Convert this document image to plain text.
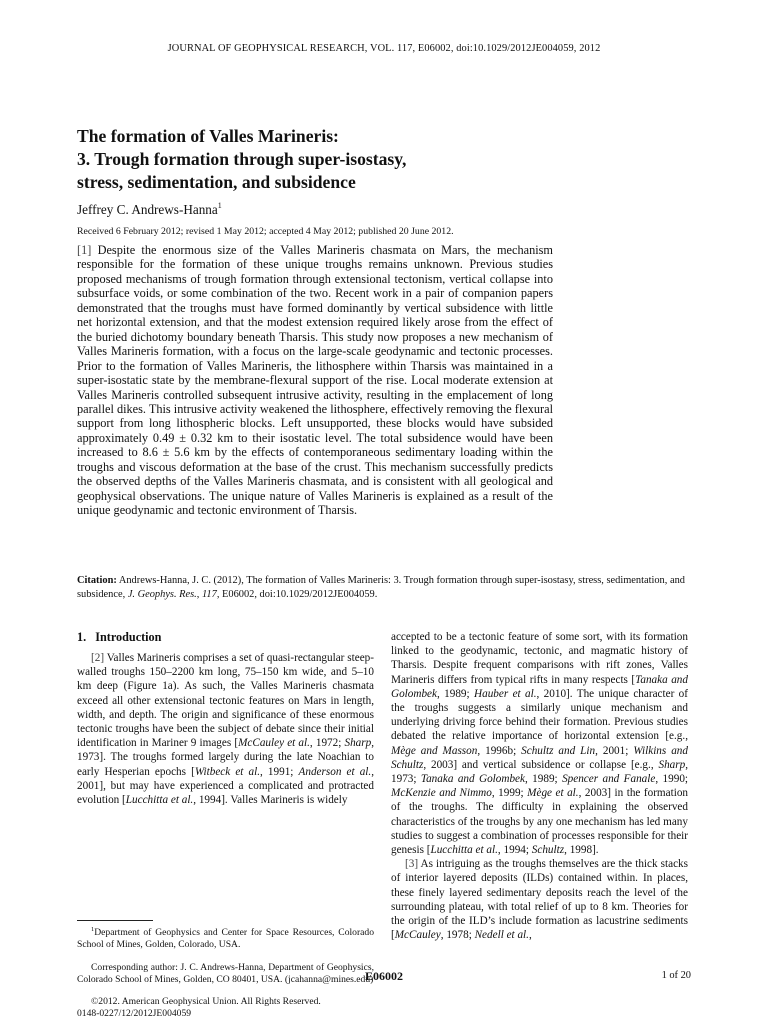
JOURNAL OF GEOPHYSICAL RESEARCH, VOL. 117, E06002, doi:10.1029/2012JE004059, 2012
The formation of Valles Marineris:
3. Trough formation through super-isostasy,
stress, sedimentation, and subsidence
Jeffrey C. Andrews-Hanna$^1$
Received 6 February 2012; revised 1 May 2012; accepted 4 May 2012; published 20 June 2012.
[1] Despite the enormous size of the Valles Marineris chasmata on Mars, the mechanism responsible for the formation of these unique troughs remains unknown. Previous studies proposed mechanisms of trough formation through extensional tectonism, vertical collapse into subsurface voids, or some combination of the two. Recent work in a pair of companion papers demonstrated that the troughs must have formed dominantly by vertical subsidence with little net horizontal extension, and that the modest extension required likely arose from the effect of the buried dichotomy boundary beneath Tharsis. This study now proposes a new mechanism of Valles Marineris formation, with a focus on the large-scale geodynamic and tectonic processes. Prior to the formation of Valles Marineris, the lithosphere within Tharsis was maintained in a super-isostatic state by the membrane-flexural support of the rise. Local moderate extension at Valles Marineris controlled subsequent intrusive activity, resulting in the emplacement of long parallel dikes. This intrusive activity weakened the lithosphere, effectively removing the flexural support from long lithospheric blocks. Left unsupported, these blocks would have subsided approximately 0.49 ± 0.32 km to their isostatic level. The total subsidence would have been increased to 8.6 ± 5.6 km by the effects of contemporaneous sedimentary loading within the troughs and viscous deformation at the base of the crust. This mechanism successfully predicts the observed depths of the Valles Marineris chasmata, and is consistent with all geological and geophysical observations. The unique nature of Valles Marineris is explained as a result of the unique geodynamic and tectonic environment of Tharsis.
Citation: Andrews-Hanna, J. C. (2012), The formation of Valles Marineris: 3. Trough formation through super-isostasy, stress, sedimentation, and subsidence, J. Geophys. Res., 117, E06002, doi:10.1029/2012JE004059.
1. Introduction

[2] Valles Marineris comprises a set of quasi-rectangular steep-walled troughs 150–2200 km long, 75–150 km wide, and 5–10 km deep (Figure 1a). As such, the Valles Marineris chasmata exceed all other extensional tectonic features on Mars in length, width, and depth. The origin and significance of these enormous tectonic troughs have been the subject of debate since their initial identification in Mariner 9 images [McCauley et al., 1972; Sharp, 1973]. The troughs formed largely during the late Noachian to early Hesperian epochs [Witbeck et al., 1991; Anderson et al., 2001], but may have experienced a complicated and protracted evolution [Lucchitta et al., 1994]. Valles Marineris is widely

$^1$Department of Geophysics and Center for Space Resources, Colorado School of Mines, Golden, Colorado, USA.

Corresponding author: J. C. Andrews-Hanna, Department of Geophysics, Colorado School of Mines, Golden, CO 80401, USA. (jcahanna@mines.edu)

©2012. American Geophysical Union. All Rights Reserved.

0148-0227/12/2012JE004059

accepted to be a tectonic feature of some sort, with its formation linked to the geodynamic, tectonic, and magmatic history of Tharsis. Despite frequent comparisons with rift zones, Valles Marineris differs from typical rifts in many respects [Tanaka and Golombek, 1989; Hauber et al., 2010]. The unique character of the troughs suggests a similarly unique mechanism and underlying driving force behind their formation. Previous studies debated the relative importance of horizontal extension [e.g., Mège and Masson, 1996b; Schultz and Lin, 2001; Wilkins and Schultz, 2003] and vertical subsidence or collapse [e.g., Sharp, 1973; Tanaka and Golombek, 1989; Spencer and Fanale, 1990; McKenzie and Nimmo, 1999; Mège et al., 2003] in the formation of the troughs. The difficulty in explaining the observed characteristics of the troughs by any one mechanism has led many studies to suggest a combination of processes responsible for their genesis [Lucchitta et al., 1994; Schultz, 1998].

[3] As intriguing as the troughs themselves are the thick stacks of interior layered deposits (ILDs) contained within. In places, these finely layered sedimentary deposits reach the level of the surrounding plateau, with total relief of up to 8 km. Theories for the origin of the ILD’s include formation as lacustrine sediments [McCauley, 1978; Nedell et al.,

E06002	1 of 20
